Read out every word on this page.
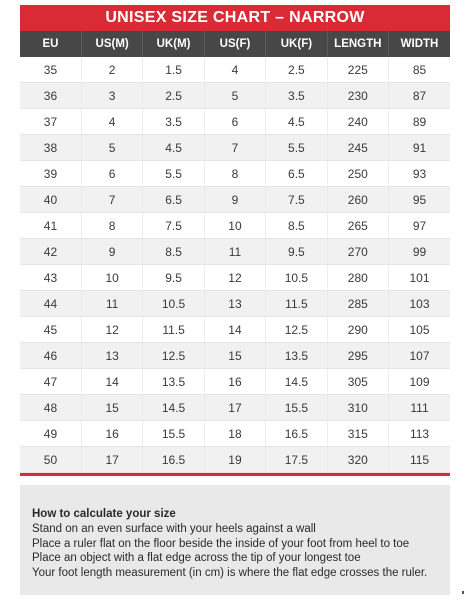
UNISEX SIZE CHART – NARROW
EU	US(M)	UK(M)	US(F)	UK(F)	LENGTH	WIDTH
35	2	1.5	4	2.5	225	85
36	3	2.5	5	3.5	230	87
37	4	3.5	6	4.5	240	89
38	5	4.5	7	5.5	245	91
39	6	5.5	8	6.5	250	93
40	7	6.5	9	7.5	260	95
41	8	7.5	10	8.5	265	97
42	9	8.5	11	9.5	270	99
43	10	9.5	12	10.5	280	101
44	11	10.5	13	11.5	285	103
45	12	11.5	14	12.5	290	105
46	13	12.5	15	13.5	295	107
47	14	13.5	16	14.5	305	109
48	15	14.5	17	15.5	310	111
49	16	15.5	18	16.5	315	113
50	17	16.5	19	17.5	320	115
How to calculate your size
Stand on an even surface with your heels against a wall
Place a ruler flat on the floor beside the inside of your foot from heel to toe
Place an object with a flat edge across the tip of your longest toe
Your foot length measurement (in cm) is where the flat edge crosses the ruler.
